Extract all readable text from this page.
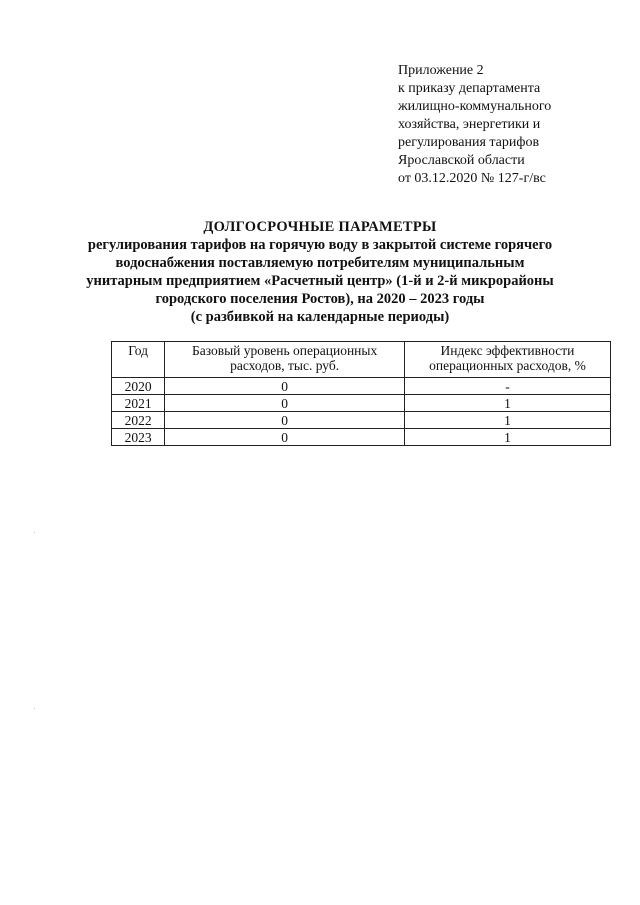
Приложение 2
к приказу департамента
жилищно-коммунального
хозяйства, энергетики и
регулирования тарифов
Ярославской области
от 03.12.2020 № 127-г/вс
ДОЛГОСРОЧНЫЕ ПАРАМЕТРЫ
регулирования тарифов на горячую воду в закрытой системе горячего
водоснабжения поставляемую потребителям муниципальным
унитарным предприятием «Расчетный центр» (1-й и 2-й микрорайоны
городского поселения Ростов), на 2020 – 2023 годы
(с разбивкой на календарные периоды)
Год	Базовый уровень операционных расходов, тыс. руб.	Индекс эффективности операционных расходов, %
2020	0	-
2021	0	1
2022	0	1
2023	0	1
